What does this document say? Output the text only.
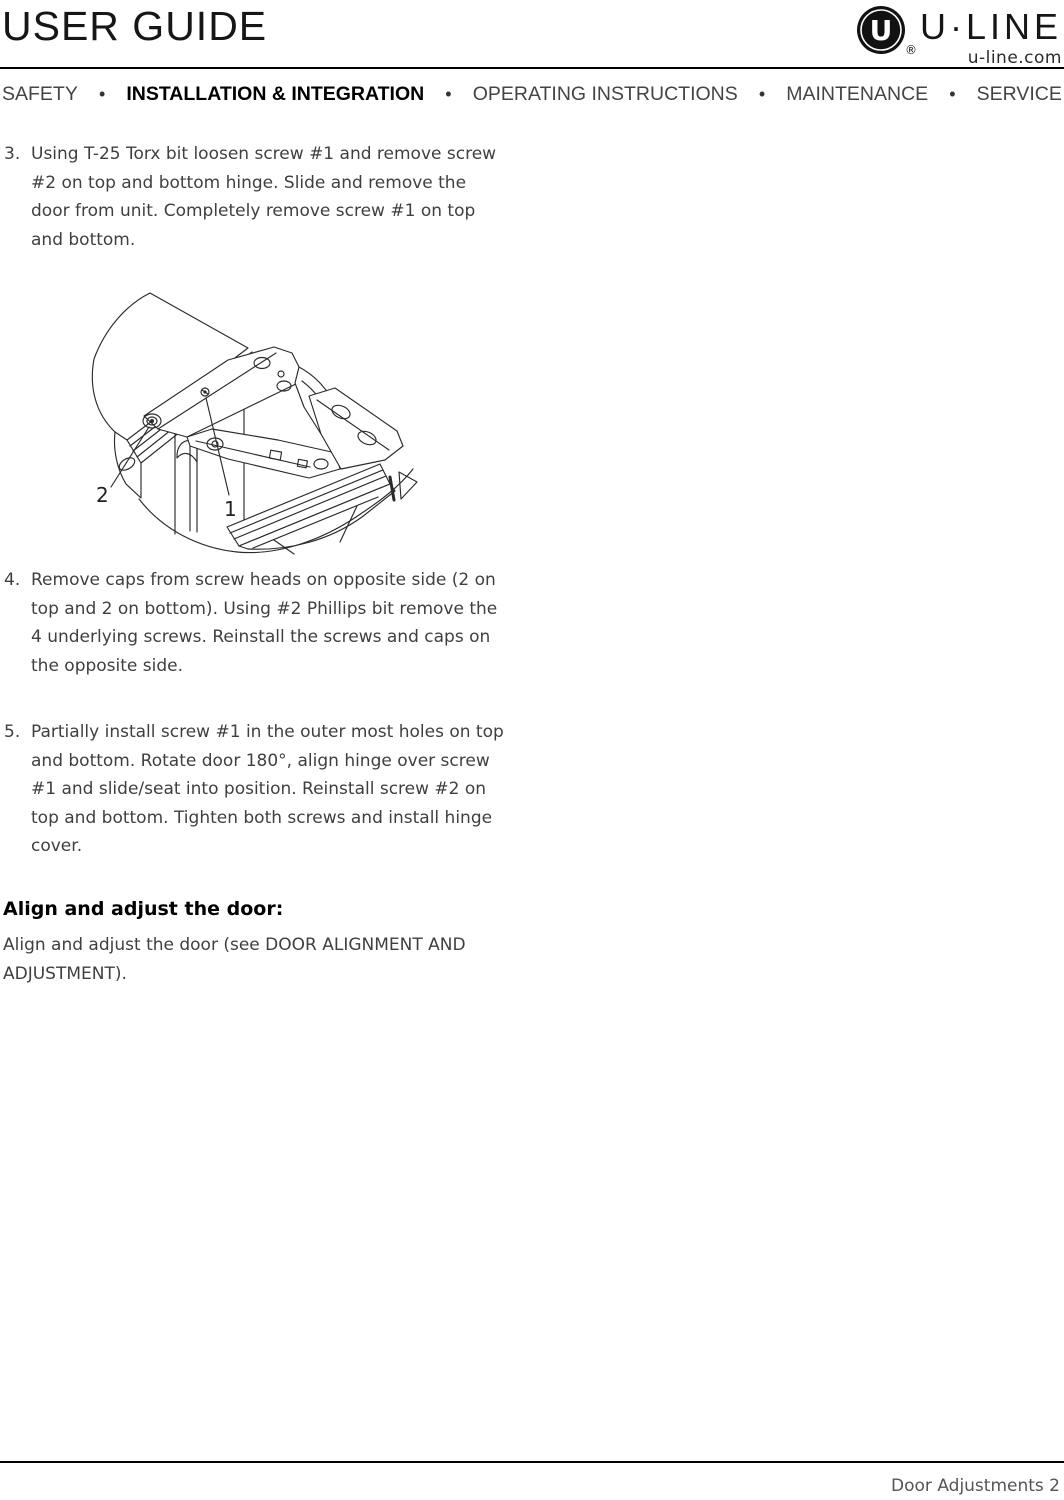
USER GUIDE	U
®
U·LINE
u-line.com
SAFETY • INSTALLATION & INTEGRATION • OPERATING INSTRUCTIONS • MAINTENANCE • SERVICE
3. Using T-25 Torx bit loosen screw #1 and remove screw
#2 on top and bottom hinge. Slide and remove the
door from unit. Completely remove screw #1 on top
and bottom.
2
1
4. Remove caps from screw heads on opposite side (2 on
top and 2 on bottom). Using #2 Phillips bit remove the
4 underlying screws. Reinstall the screws and caps on
the opposite side.
5. Partially install screw #1 in the outer most holes on top
and bottom. Rotate door 180°, align hinge over screw
#1 and slide/seat into position. Reinstall screw #2 on
top and bottom. Tighten both screws and install hinge
cover.
Align and adjust the door:
Align and adjust the door (see DOOR ALIGNMENT AND
ADJUSTMENT).
Door Adjustments 2
